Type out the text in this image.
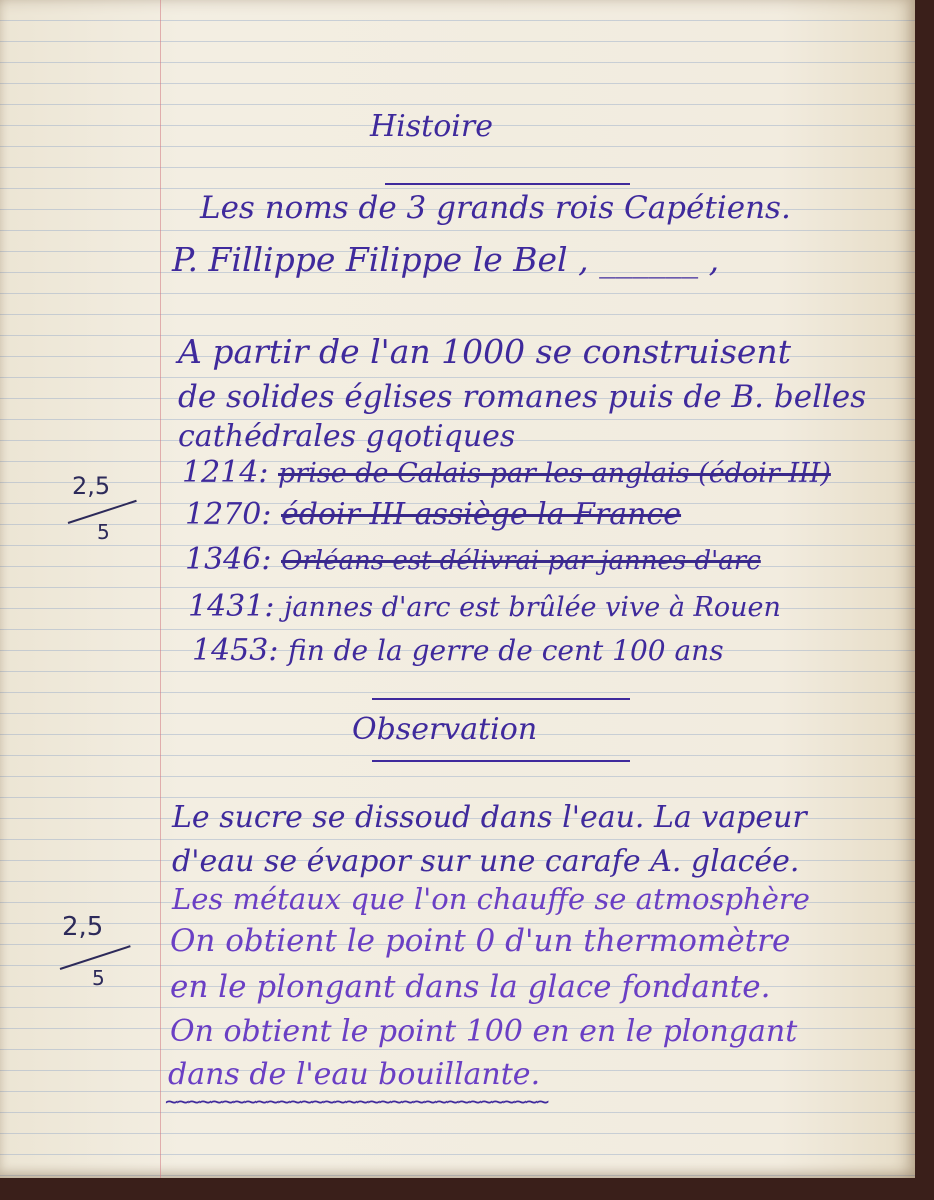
Histoire
Les noms de 3 grands rois Capétiens.
P. Fillippe Filippe le Bel , ______ ,
A partir de l'an 1000 se construisent
de solides églises romanes puis de B. belles
cathédrales gqotiques
1214: prise de Calais par les anglais (édoir III)
1270: édoir III assiège la France
1346: Orléans est délivrai par jannes d'arc
1431: jannes d'arc est brûlée vive à Rouen
1453: fin de la gerre de cent 100 ans
2,5
5
Observation
Le sucre se dissoud dans l'eau. La vapeur
d'eau se évapor sur une carafe A. glacée.
Les métaux que l'on chauffe se atmosphère
On obtient le point 0 d'un thermomètre
en le plongant dans la glace fondante.
On obtient le point 100 en en le plongant
dans de l'eau bouillante.
~~~~~~~~~~~~~~~~~~~~~~~~~~~~~~~~~~
2,5
5
